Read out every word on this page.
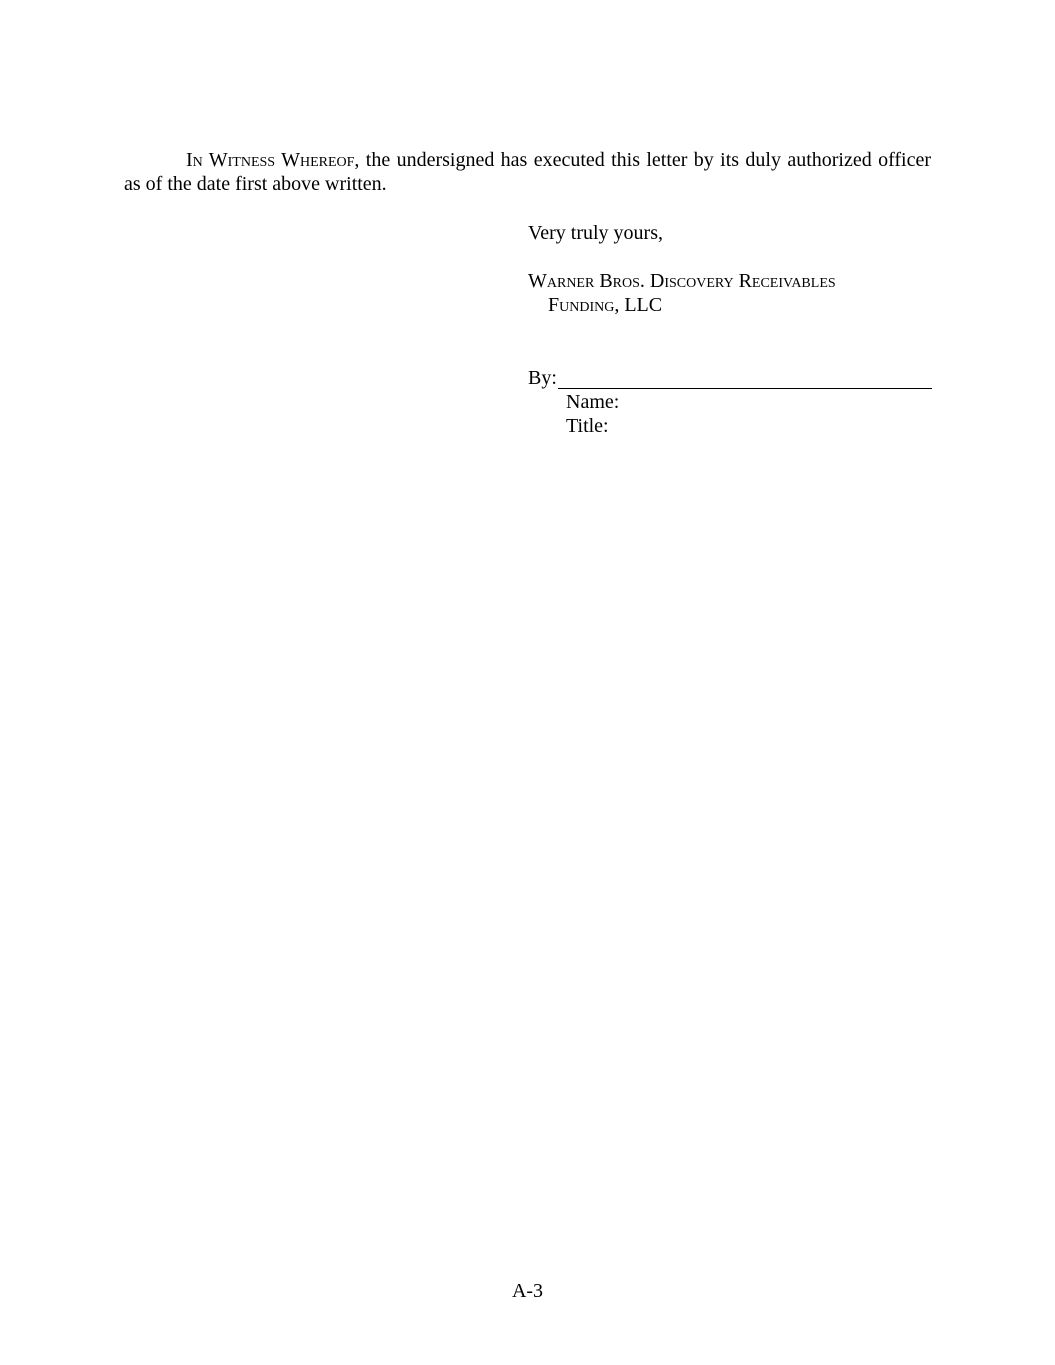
In Witness Whereof, the undersigned has executed this letter by its duly authorized officer as of the date first above written.

Very truly yours,
Warner Bros. Discovery Receivables
Funding, LLC
By:
Name:
Title:
A-3
